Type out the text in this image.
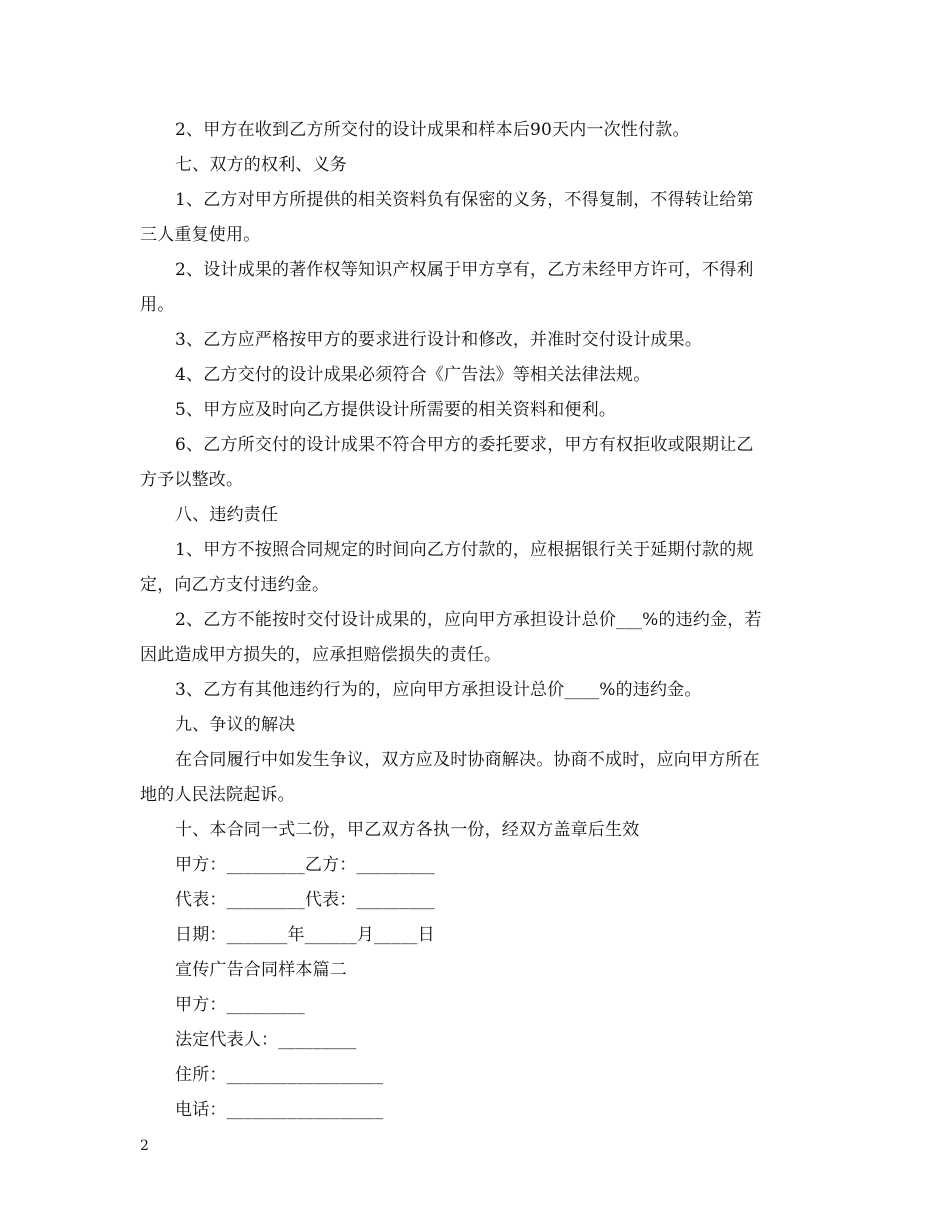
2、甲方在收到乙方所交付的设计成果和样本后90天内一次性付款。
七、双方的权利、义务
1、乙方对甲方所提供的相关资料负有保密的义务，不得复制，不得转让给第
三人重复使用。
2、设计成果的著作权等知识产权属于甲方享有，乙方未经甲方许可，不得利
用。
3、乙方应严格按甲方的要求进行设计和修改，并准时交付设计成果。
4、乙方交付的设计成果必须符合《广告法》等相关法律法规。
5、甲方应及时向乙方提供设计所需要的相关资料和便利。
6、乙方所交付的设计成果不符合甲方的委托要求，甲方有权拒收或限期让乙
方予以整改。
八、违约责任
1、甲方不按照合同规定的时间向乙方付款的，应根据银行关于延期付款的规
定，向乙方支付违约金。
2、乙方不能按时交付设计成果的，应向甲方承担设计总价___%的违约金，若
因此造成甲方损失的，应承担赔偿损失的责任。
3、乙方有其他违约行为的，应向甲方承担设计总价____%的违约金。
九、争议的解决
在合同履行中如发生争议，双方应及时协商解决。协商不成时，应向甲方所在
地的人民法院起诉。
十、本合同一式二份，甲乙双方各执一份，经双方盖章后生效
甲方：_________乙方：_________
代表：_________代表：_________
日期：_______年______月_____日
宣传广告合同样本篇二
甲方：_________
法定代表人：_________
住所：__________________
电话：__________________
2
